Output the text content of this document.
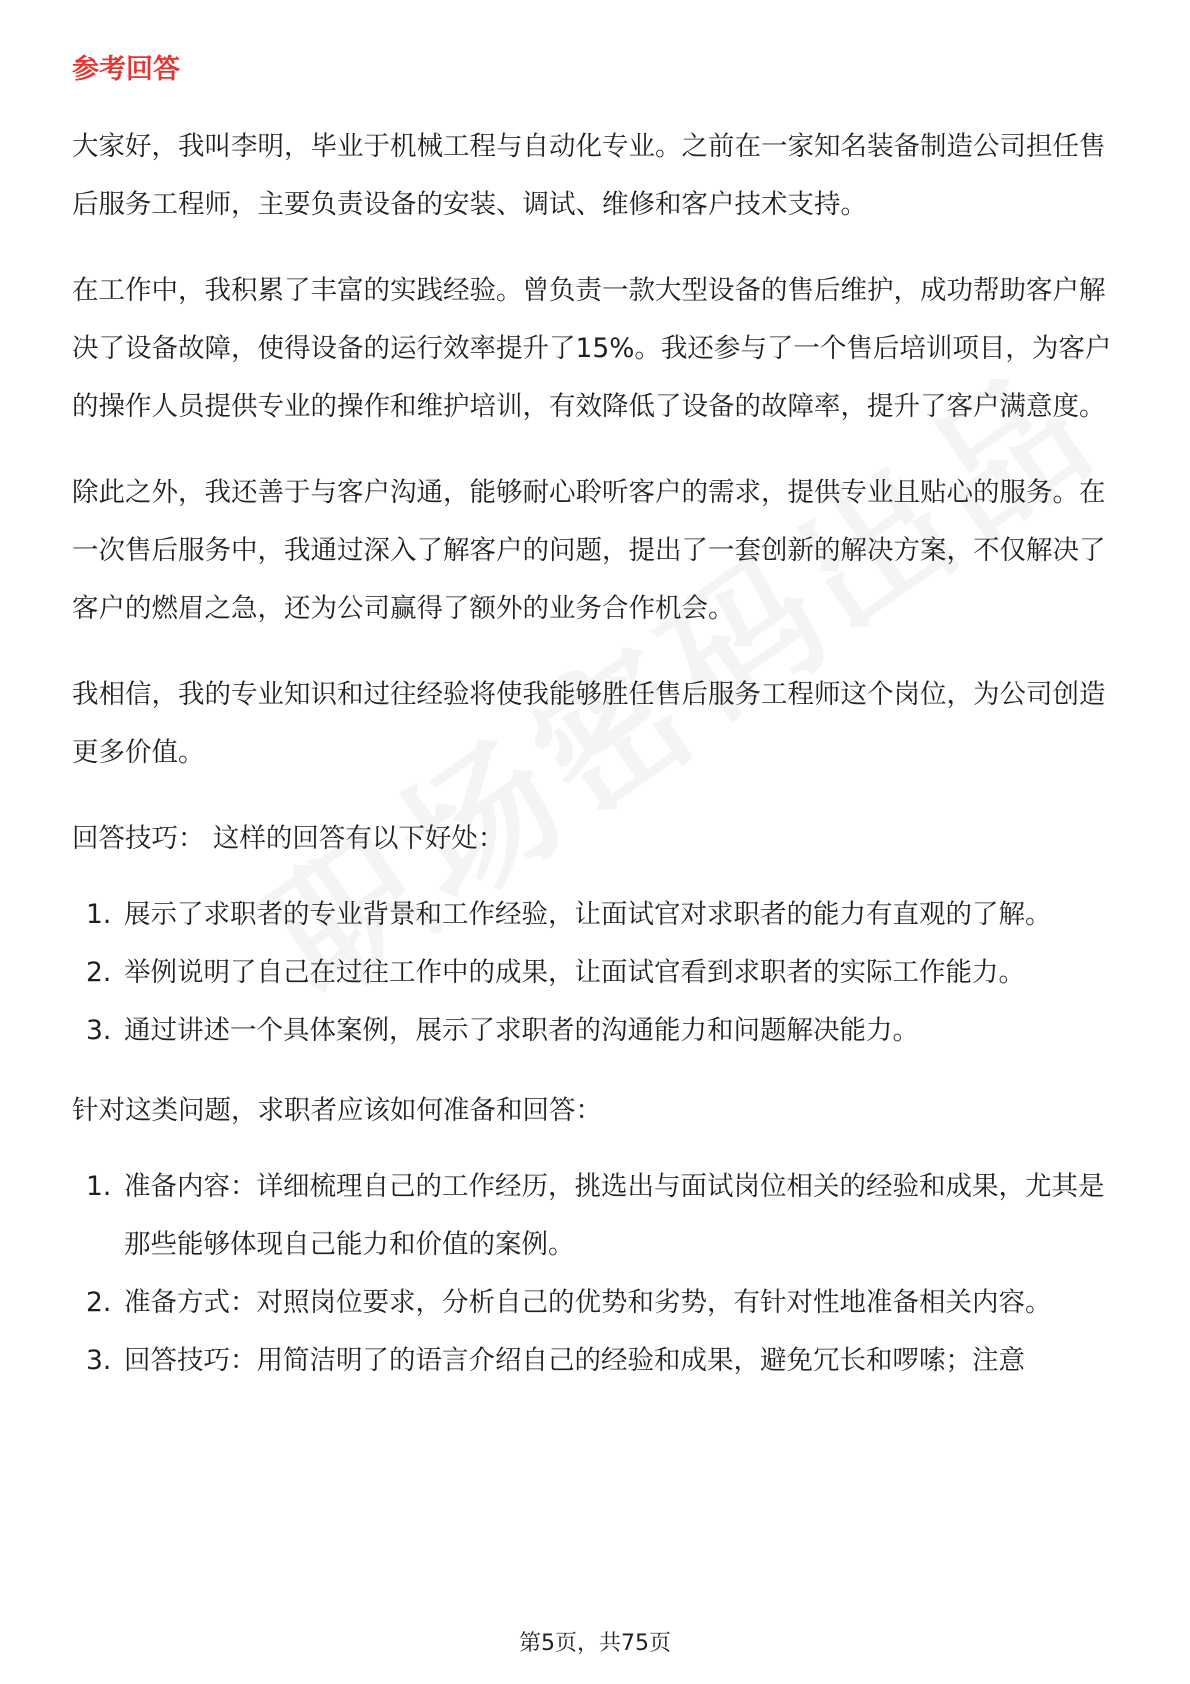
参考回答

大家好，我叫李明，毕业于机械工程与自动化专业。之前在一家知名装备制造公司担任售后服务工程师，主要负责设备的安装、调试、维修和客户技术支持。

在工作中，我积累了丰富的实践经验。曾负责一款大型设备的售后维护，成功帮助客户解决了设备故障，使得设备的运行效率提升了15%。我还参与了一个售后培训项目，为客户的操作人员提供专业的操作和维护培训，有效降低了设备的故障率，提升了客户满意度。

除此之外，我还善于与客户沟通，能够耐心聆听客户的需求，提供专业且贴心的服务。在一次售后服务中，我通过深入了解客户的问题，提出了一套创新的解决方案，不仅解决了客户的燃眉之急，还为公司赢得了额外的业务合作机会。

我相信，我的专业知识和过往经验将使我能够胜任售后服务工程师这个岗位，为公司创造更多价值。

回答技巧： 这样的回答有以下好处：
1. 展示了求职者的专业背景和工作经验，让面试官对求职者的能力有直观的了解。
2. 举例说明了自己在过往工作中的成果，让面试官看到求职者的实际工作能力。
3. 通过讲述一个具体案例，展示了求职者的沟通能力和问题解决能力。
针对这类问题，求职者应该如何准备和回答：
1. 准备内容：详细梳理自己的工作经历，挑选出与面试岗位相关的经验和成果，尤其是那些能够体现自己能力和价值的案例。
2. 准备方式：对照岗位要求，分析自己的优势和劣势，有针对性地准备相关内容。
3. 回答技巧：用简洁明了的语言介绍自己的经验和成果，避免冗长和啰嗦；注意
第5页，共75页
